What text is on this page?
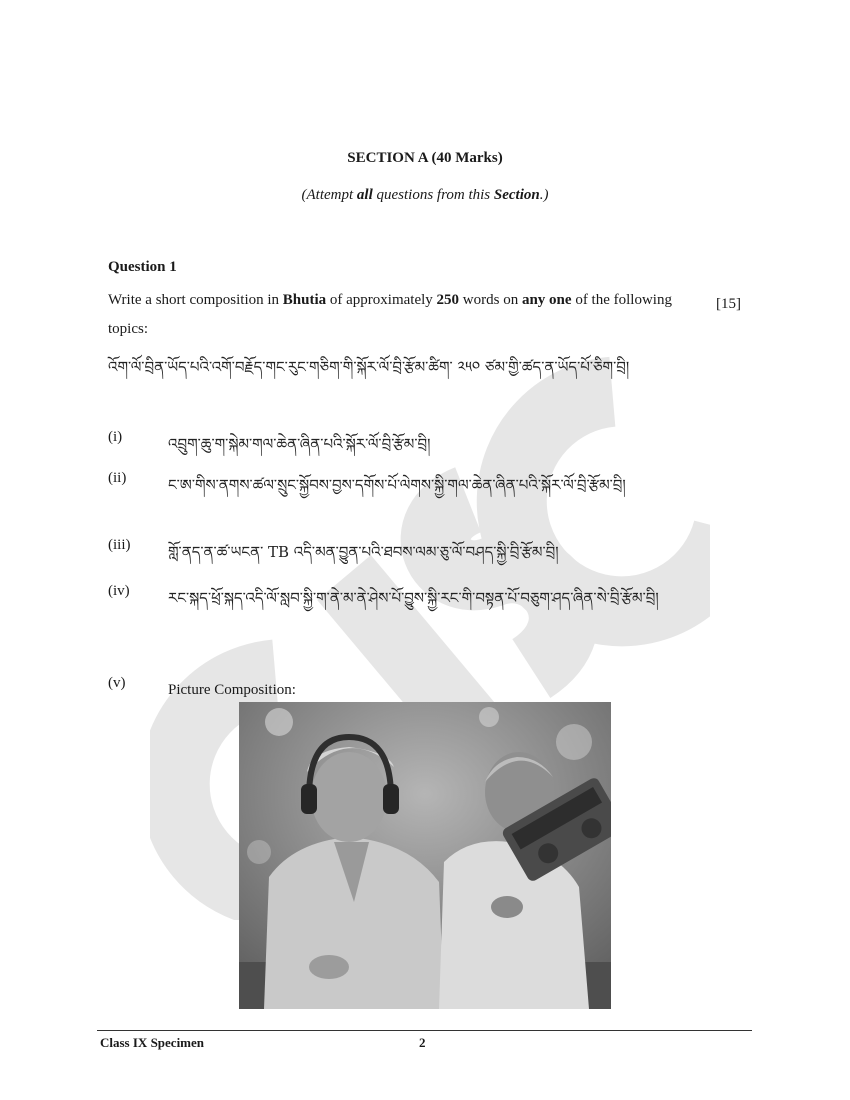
SECTION A (40 Marks)
(Attempt all questions from this Section.)
Question 1
Write a short composition in Bhutia of approximately 250 words on any one of the following topics:
[15]
འོག་ལོ་བྲིན་ཡོད་པའི་འགོ་བརྗོད་གང་རུང་གཅིག་གི་སྐོར་ལོ་བྲི་རྩོམ་ཚིག་ ༢༥༠ ཙམ་གྱི་ཚད་ན་ཡོད་པོ་ཅིག་བྲི།
(i)	འབྲུག་ཆུ་ག་སྐེམ་གལ་ཆེན་ཞིན་པའི་སྐོར་ལོ་བྲི་རྩོམ་བྲི།
(ii)	ང་ཨ་གིས་ནགས་ཚལ་སྲུང་སྐྱོབས་བྱས་དགོས་པོ་ལེགས་སྐྱི་གལ་ཆེན་ཞིན་པའི་སྐོར་ལོ་བྲི་རྩོམ་བྲི།
(iii)	གློ་ནད་ན་ཚ་ཡངན་ TB འདི་མན་བྱུན་པའི་ཐབས་ལམ་ཅུ་ལོ་བཤད་སྐྱི་བྲི་རྩོམ་བྲི།
(iv)	རང་སྐད་ཕྲོ་སྐད་འདི་ལོ་སླབ་སྐྱི་ག་ནེ་མ་ནེ་ཤེས་པོ་བྱུས་སྐྱི་རང་གི་བསྟན་པོ་བཅུག་ཤད་ཞིན་སེ་བྲི་རྩོམ་བྲི།
(v)	Picture Composition:
Class IX Specimen	2
